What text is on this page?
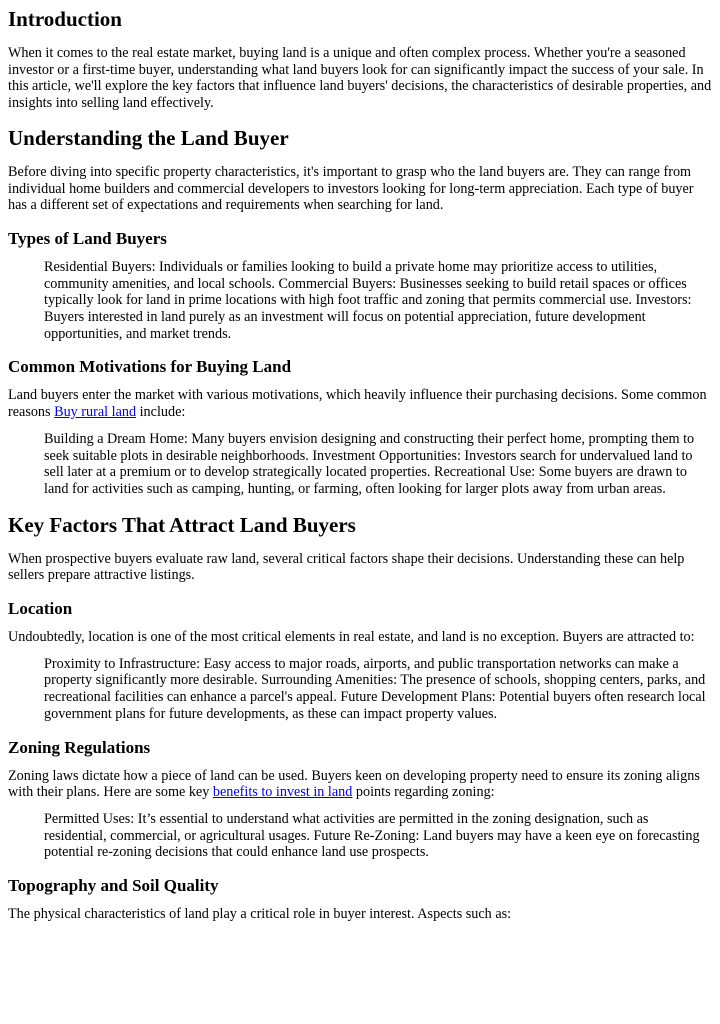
Introduction

When it comes to the real estate market, buying land is a unique and often complex process. Whether you're a seasoned investor or a first-time buyer, understanding what land buyers look for can significantly impact the success of your sale. In this article, we'll explore the key factors that influence land buyers' decisions, the characteristics of desirable properties, and insights into selling land effectively.

Understanding the Land Buyer

Before diving into specific property characteristics, it's important to grasp who the land buyers are. They can range from individual home builders and commercial developers to investors looking for long-term appreciation. Each type of buyer has a different set of expectations and requirements when searching for land.

Types of Land Buyers
Residential Buyers: Individuals or families looking to build a private home may prioritize access to utilities, community amenities, and local schools. Commercial Buyers: Businesses seeking to build retail spaces or offices typically look for land in prime locations with high foot traffic and zoning that permits commercial use. Investors: Buyers interested in land purely as an investment will focus on potential appreciation, future development opportunities, and market trends.
Common Motivations for Buying Land

Land buyers enter the market with various motivations, which heavily influence their purchasing decisions. Some common reasons Buy rural land include:

Building a Dream Home: Many buyers envision designing and constructing their perfect home, prompting them to seek suitable plots in desirable neighborhoods. Investment Opportunities: Investors search for undervalued land to sell later at a premium or to develop strategically located properties. Recreational Use: Some buyers are drawn to land for activities such as camping, hunting, or farming, often looking for larger plots away from urban areas.
Key Factors That Attract Land Buyers

When prospective buyers evaluate raw land, several critical factors shape their decisions. Understanding these can help sellers prepare attractive listings.

Location

Undoubtedly, location is one of the most critical elements in real estate, and land is no exception. Buyers are attracted to:

Proximity to Infrastructure: Easy access to major roads, airports, and public transportation networks can make a property significantly more desirable. Surrounding Amenities: The presence of schools, shopping centers, parks, and recreational facilities can enhance a parcel's appeal. Future Development Plans: Potential buyers often research local government plans for future developments, as these can impact property values.
Zoning Regulations

Zoning laws dictate how a piece of land can be used. Buyers keen on developing property need to ensure its zoning aligns with their plans. Here are some key benefits to invest in land points regarding zoning:

Permitted Uses: It’s essential to understand what activities are permitted in the zoning designation, such as residential, commercial, or agricultural usages. Future Re-Zoning: Land buyers may have a keen eye on forecasting potential re-zoning decisions that could enhance land use prospects.
Topography and Soil Quality

The physical characteristics of land play a critical role in buyer interest. Aspects such as:
